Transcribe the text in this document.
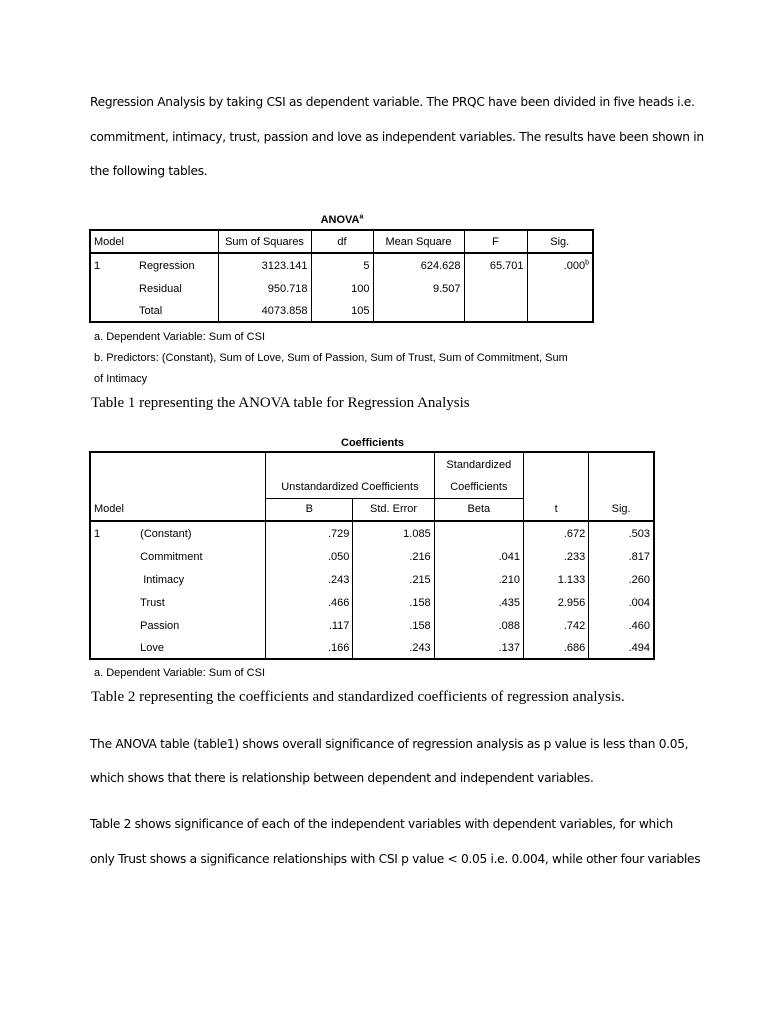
Regression Analysis by taking CSI as dependent variable. The PRQC have been divided in five heads i.e.

commitment, intimacy, trust, passion and love as independent variables. The results have been shown in

the following tables.

ANOVA$^a$
Model		Sum of Squares	df	Mean Square	F	Sig.
1	Regression	3123.141	5	624.628	65.701	.000$^b$
	Residual	950.718	100	9.507		
	Total	4073.858	105			
a. Dependent Variable: Sum of CSI
b. Predictors: (Constant), Sum of Love, Sum of Passion, Sum of Trust, Sum of Commitment, Sum
of Intimacy
Table 1 representing the ANOVA table for Regression Analysis
Coefficients
				Standardized		
		Unstandardized Coefficients		Coefficients		
Model		B	Std. Error	Beta	t	Sig.
1	(Constant)	.729	1.085		.672	.503
	Commitment	.050	.216	.041	.233	.817
	Intimacy	.243	.215	.210	1.133	.260
	Trust	.466	.158	.435	2.956	.004
	Passion	.117	.158	.088	.742	.460
	Love	.166	.243	.137	.686	.494
a. Dependent Variable: Sum of CSI
Table 2 representing the coefficients and standardized coefficients of regression analysis.

The ANOVA table (table1) shows overall significance of regression analysis as p value is less than 0.05,

which shows that there is relationship between dependent and independent variables.

Table 2 shows significance of each of the independent variables with dependent variables, for which

only Trust shows a significance relationships with CSI p value < 0.05 i.e. 0.004, while other four variables
